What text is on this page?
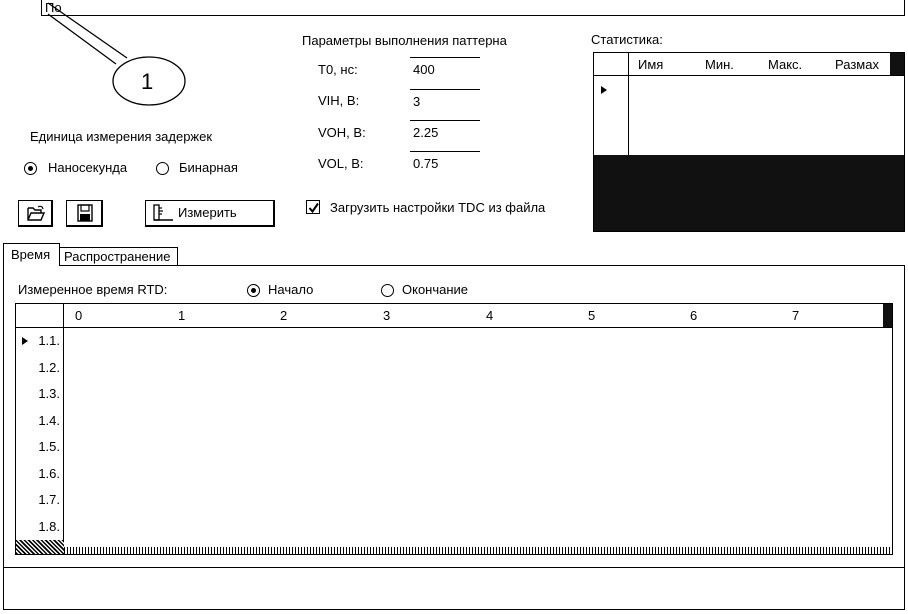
По
1
Параметры выполнения паттерна
T0, нс:	400
VIH, В:	3
VOH, В:	2.25
VOL, В:	0.75
Статистика:
Имя	Мин.	Макс.	Размах
Единица измерения задержек
Наносекунда	Бинарная
Измерить	Загрузить настройки TDC из файла
Время Распространение
Измеренное время RTD:	Начало	Окончание
0	1	2	3	4	5	6	7
1.1.
1.2.
1.3.
1.4.
1.5.
1.6.
1.7.
1.8.
